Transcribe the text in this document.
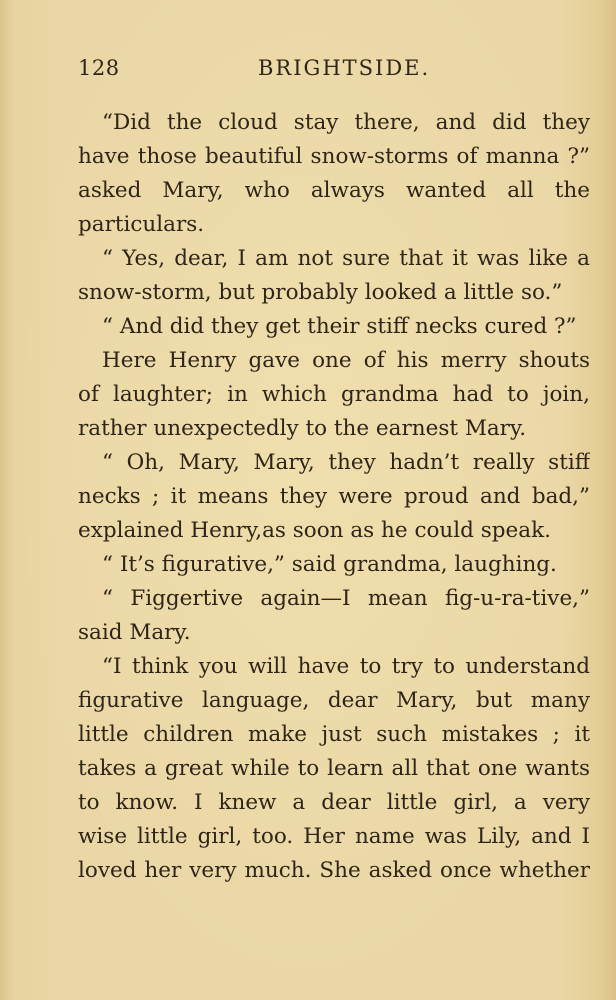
128	BRIGHTSIDE.
“Did the cloud stay there, and did they
have those beautiful snow-storms of manna ?”
asked Mary, who always wanted all the
particulars.
“ Yes, dear, I am not sure that it was like a
snow-storm, but probably looked a little so.”
“ And did they get their stiff necks cured ?”
Here Henry gave one of his merry shouts
of laughter; in which grandma had to join,
rather unexpectedly to the earnest Mary.
“ Oh, Mary, Mary, they hadn’t really stiff
necks ; it means they were proud and bad,”
explained Henry,as soon as he could speak.
“ It’s figurative,” said grandma, laughing.
“ Figgertive again—I mean fig-u-ra-tive,”
said Mary.
“I think you will have to try to understand
figurative language, dear Mary, but many
little children make just such mistakes ; it
takes a great while to learn all that one wants
to know. I knew a dear little girl, a very
wise little girl, too. Her name was Lily, and I
loved her very much. She asked once whether
